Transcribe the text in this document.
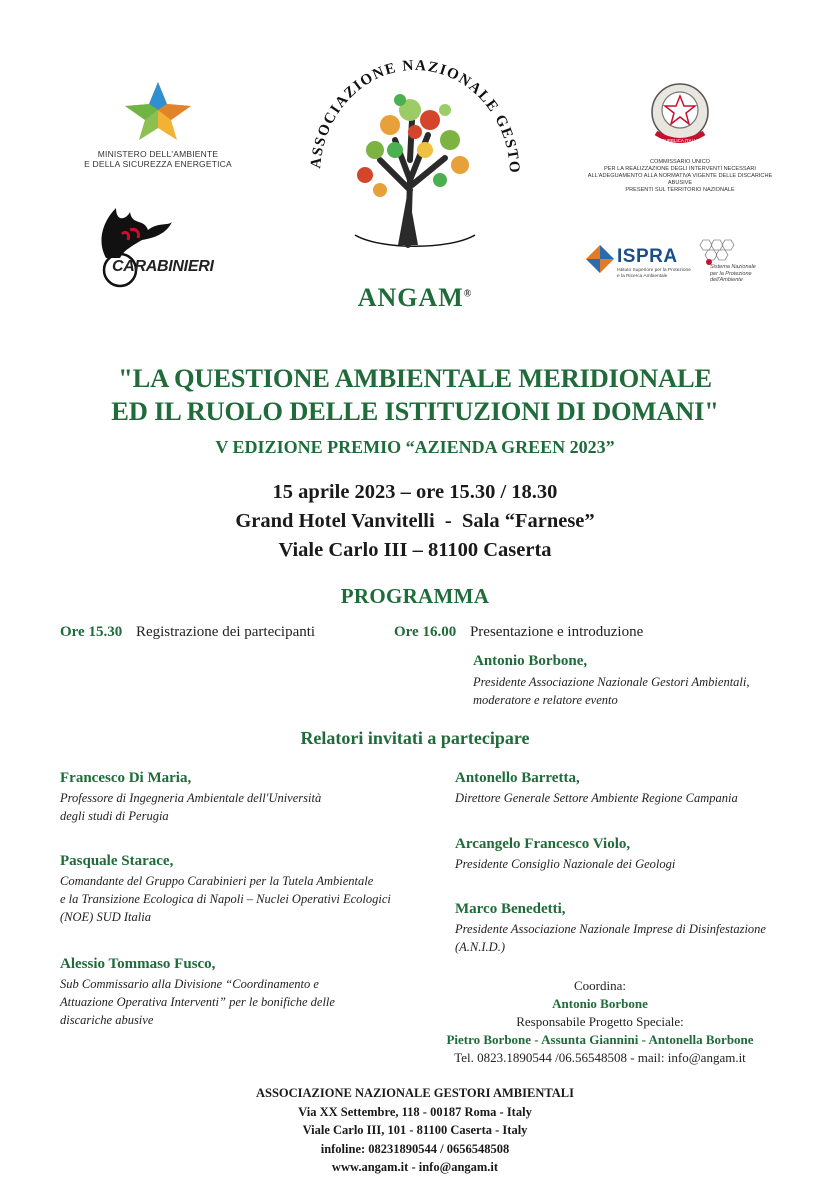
MINISTERO DELL'AMBIENTE
E DELLA SICUREZZA ENERGETICA
CARABINIERI
ASSOCIAZIONE NAZIONALE GESTO
ANGAM®
REPUBBLICA ITALIANA
COMMISSARIO UNICO
PER LA REALIZZAZIONE DEGLI INTERVENTI NECESSARI
ALL'ADEGUAMENTO ALLA NORMATIVA VIGENTE DELLE DISCARICHE ABUSIVE
PRESENTI SUL TERRITORIO NAZIONALE
ISPRA
Istituto Superiore per la Protezione
e la Ricerca Ambientale
Sistema Nazionale
per la Protezione
dell'Ambiente
"LA QUESTIONE AMBIENTALE MERIDIONALE
ED IL RUOLO DELLE ISTITUZIONI DI DOMANI"
V EDIZIONE PREMIO “AZIENDA GREEN 2023”
15 aprile 2023 – ore 15.30 / 18.30
Grand Hotel Vanvitelli  -  Sala “Farnese”
Viale Carlo III – 81100 Caserta
PROGRAMMA
Ore 15.30 Registrazione dei partecipanti	Ore 16.00 Presentazione e introduzione
Antonio Borbone,
Presidente Associazione Nazionale Gestori Ambientali,
moderatore e relatore evento
Relatori invitati a partecipare
Francesco Di Maria,
Professore di Ingegneria Ambientale dell'Università
degli studi di Perugia
Pasquale Starace,
Comandante del Gruppo Carabinieri per la Tutela Ambientale
e la Transizione Ecologica di Napoli – Nuclei Operativi Ecologici
(NOE) SUD Italia
Alessio Tommaso Fusco,
Sub Commissario alla Divisione “Coordinamento e
Attuazione Operativa Interventi” per le bonifiche delle
discariche abusive
Antonello Barretta,
Direttore Generale Settore Ambiente Regione Campania
Arcangelo Francesco Violo,
Presidente Consiglio Nazionale dei Geologi
Marco Benedetti,
Presidente Associazione Nazionale Imprese di Disinfestazione
(A.N.I.D.)
Coordina:
Antonio Borbone
Responsabile Progetto Speciale:
Pietro Borbone - Assunta Giannini - Antonella Borbone
Tel. 0823.1890544 /06.56548508 - mail: info@angam.it
ASSOCIAZIONE NAZIONALE GESTORI AMBIENTALI
Via XX Settembre, 118 - 00187 Roma - Italy
Viale Carlo III, 101 - 81100 Caserta - Italy
infoline: 08231890544 / 0656548508
www.angam.it - info@angam.it
